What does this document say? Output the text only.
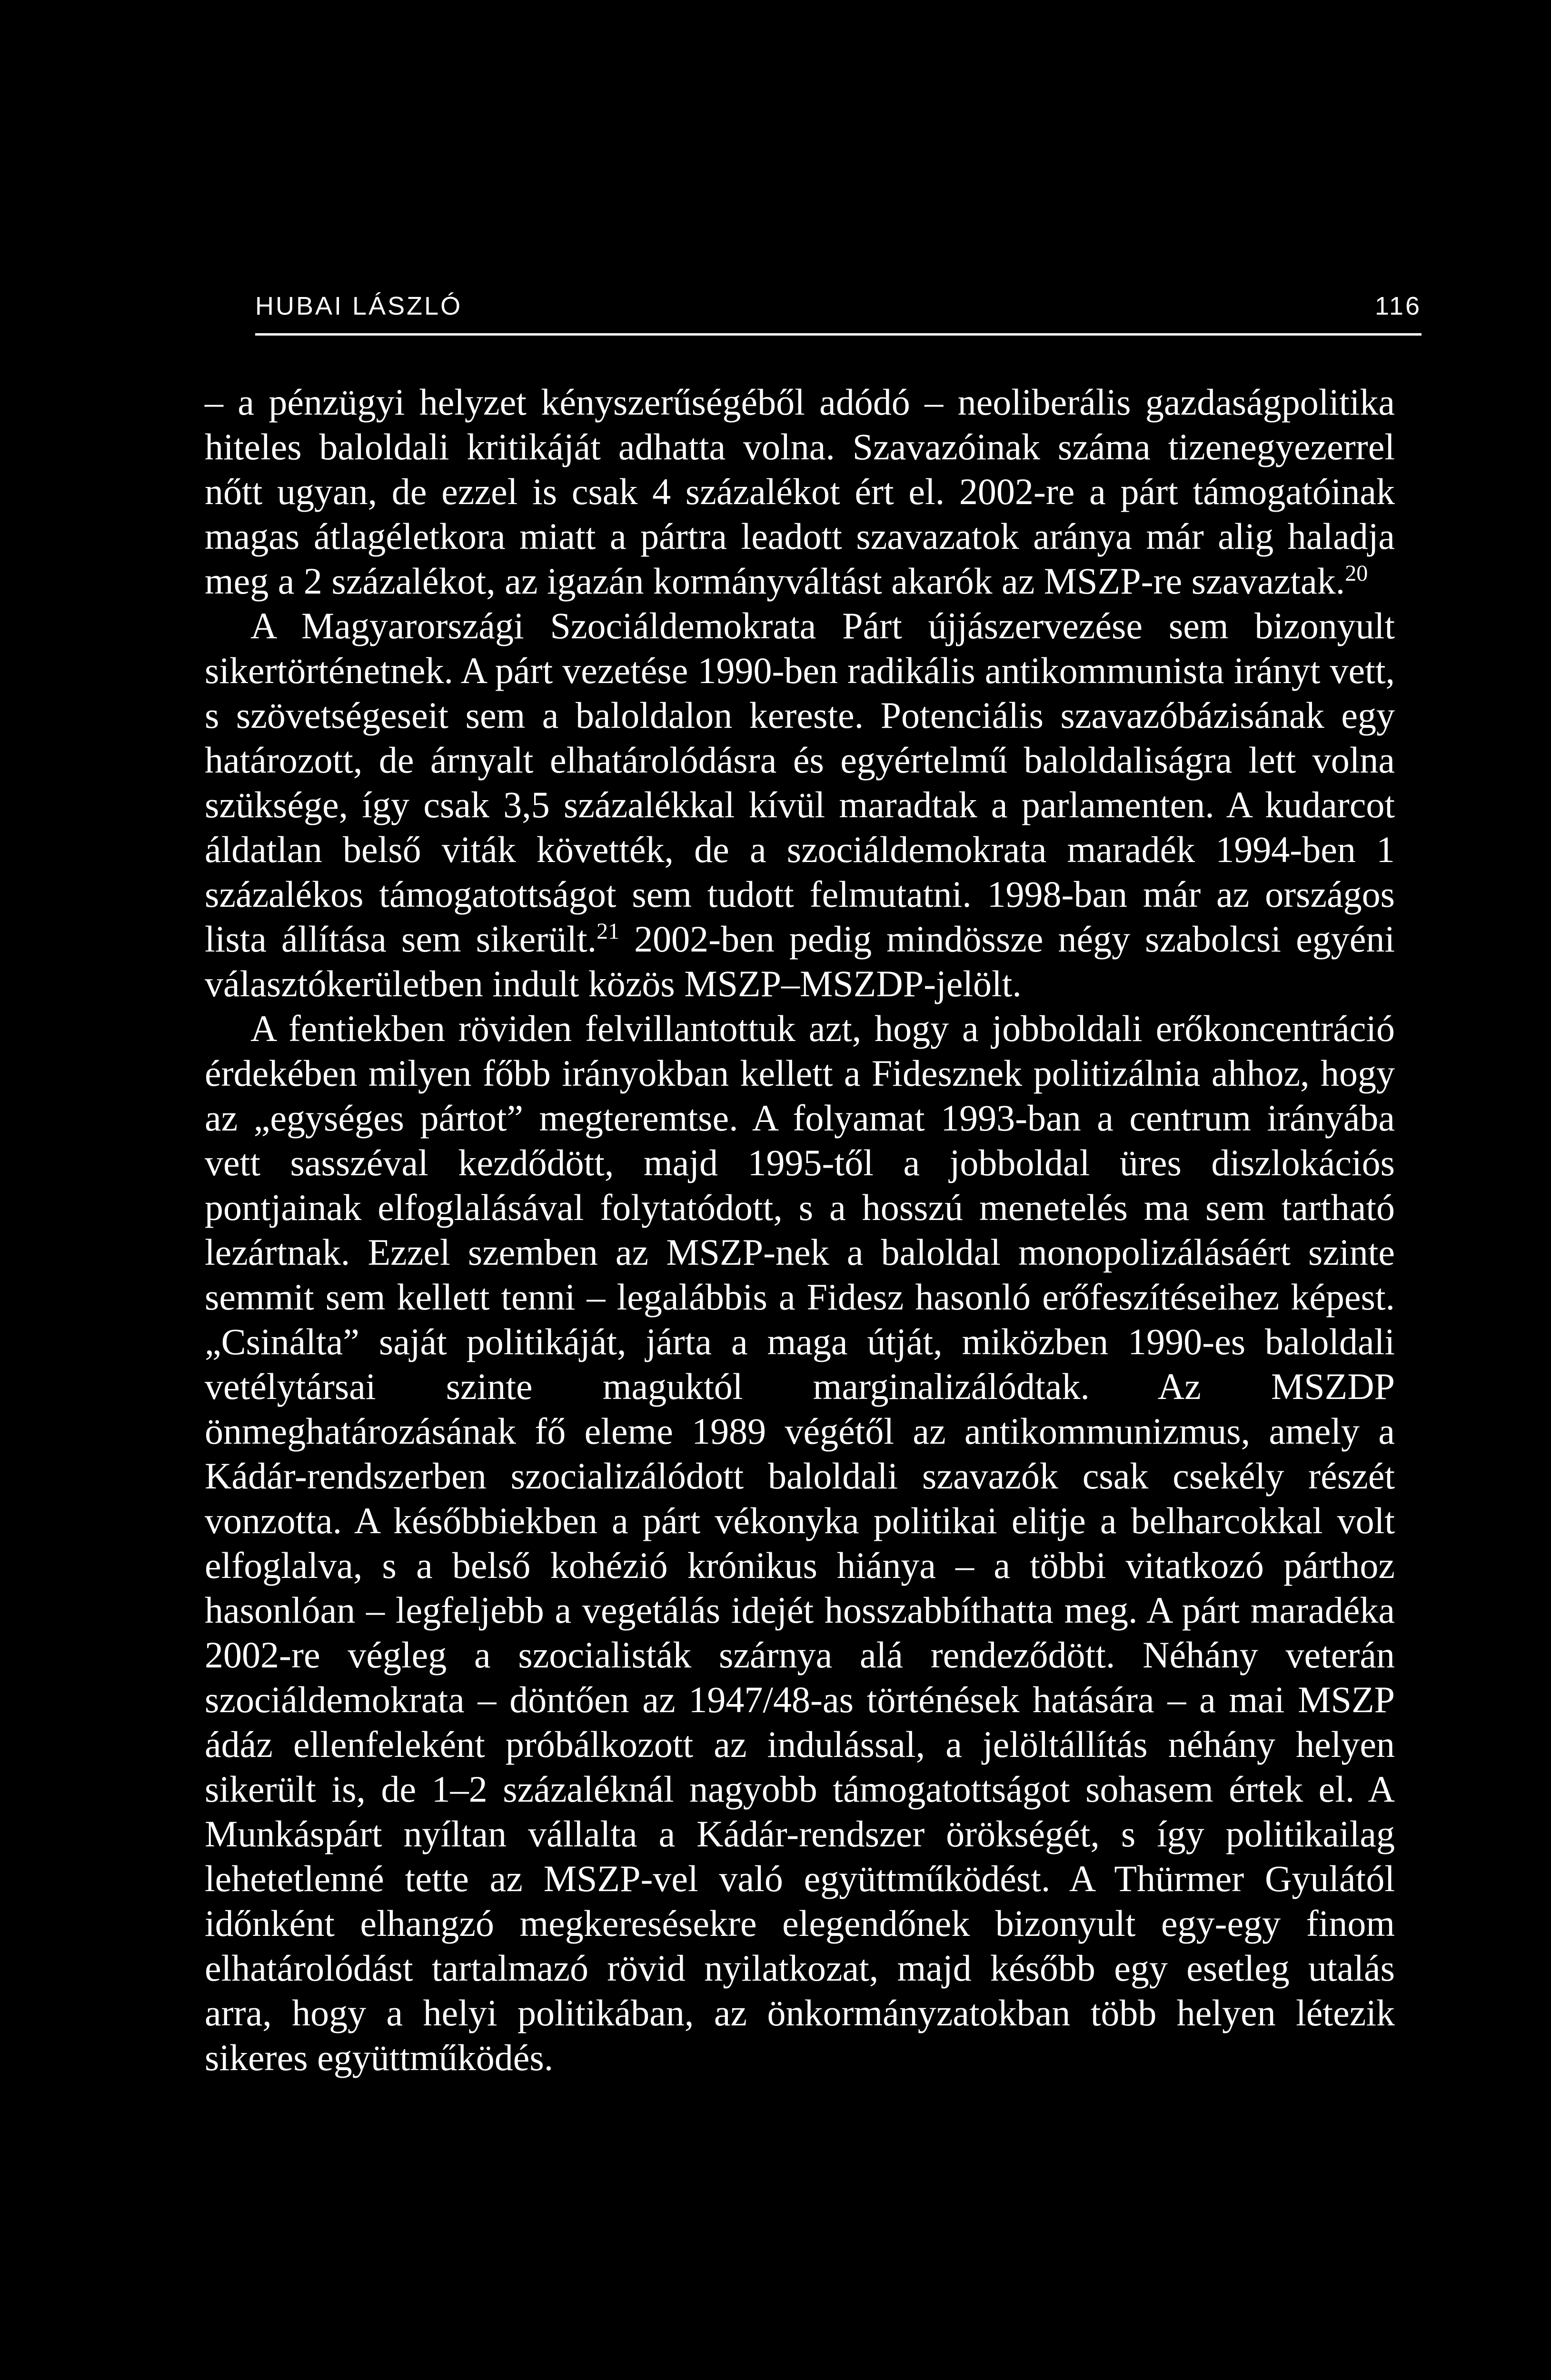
HUBAI LÁSZLÓ	116

– a pénzügyi helyzet kényszerűségéből adódó – neoliberális gazdaságpolitika hiteles baloldali kritikáját adhatta volna. Szavazóinak száma tizenegyezerrel nőtt ugyan, de ezzel is csak 4 százalékot ért el. 2002-re a párt támogatóinak magas átlagéletkora miatt a pártra leadott szavazatok aránya már alig haladja meg a 2 százalékot, az igazán kormányváltást akarók az MSZP-re szavaztak.$^{20}$

A Magyarországi Szociáldemokrata Párt újjászervezése sem bizonyult sikertörténetnek. A párt vezetése 1990-ben radikális antikommunista irányt vett, s szövetségeseit sem a baloldalon kereste. Potenciális szavazóbázisának egy határozott, de árnyalt elhatárolódásra és egyértelmű baloldaliságra lett volna szüksége, így csak 3,5 százalékkal kívül maradtak a parlamenten. A kudarcot áldatlan belső viták követték, de a szociáldemokrata maradék 1994-ben 1 százalékos támogatottságot sem tudott felmutatni. 1998-ban már az országos lista állítása sem sikerült.$^{21}$ 2002-ben pedig mindössze négy szabolcsi egyéni választókerületben indult közös MSZP–MSZDP-jelölt.

A fentiekben röviden felvillantottuk azt, hogy a jobboldali erőkoncentráció érdekében milyen főbb irányokban kellett a Fidesznek politizálnia ahhoz, hogy az „egységes pártot” megteremtse. A folyamat 1993-ban a centrum irányába vett sasszéval kezdődött, majd 1995-től a jobboldal üres diszlokációs pontjainak elfoglalásával folytatódott, s a hosszú menetelés ma sem tartható lezártnak. Ezzel szemben az MSZP-nek a baloldal monopolizálásáért szinte semmit sem kellett tenni – legalábbis a Fidesz hasonló erőfeszítéseihez képest. „Csinálta” saját politikáját, járta a maga útját, miközben 1990-es baloldali vetélytársai szinte maguktól marginalizálódtak. Az MSZDP önmeghatározásának fő eleme 1989 végétől az antikommunizmus, amely a Kádár-rendszerben szocializálódott baloldali szavazók csak csekély részét vonzotta. A későbbiekben a párt vékonyka politikai elitje a belharcokkal volt elfoglalva, s a belső kohézió krónikus hiánya – a többi vitatkozó párthoz hasonlóan – legfeljebb a vegetálás idejét hosszabbíthatta meg. A párt maradéka 2002-re végleg a szocialisták szárnya alá rendeződött. Néhány veterán szociáldemokrata – döntően az 1947/48-as történések hatására – a mai MSZP ádáz ellenfeleként próbálkozott az indulással, a jelöltállítás néhány helyen sikerült is, de 1–2 százaléknál nagyobb támogatottságot sohasem értek el. A Munkáspárt nyíltan vállalta a Kádár-rendszer örökségét, s így politikailag lehetetlenné tette az MSZP-vel való együttműködést. A Thürmer Gyulától időnként elhangzó megkeresésekre elegendőnek bizonyult egy-egy finom elhatárolódást tartalmazó rövid nyilatkozat, majd később egy esetleg utalás arra, hogy a helyi politikában, az önkormányzatokban több helyen létezik sikeres együttműködés.
